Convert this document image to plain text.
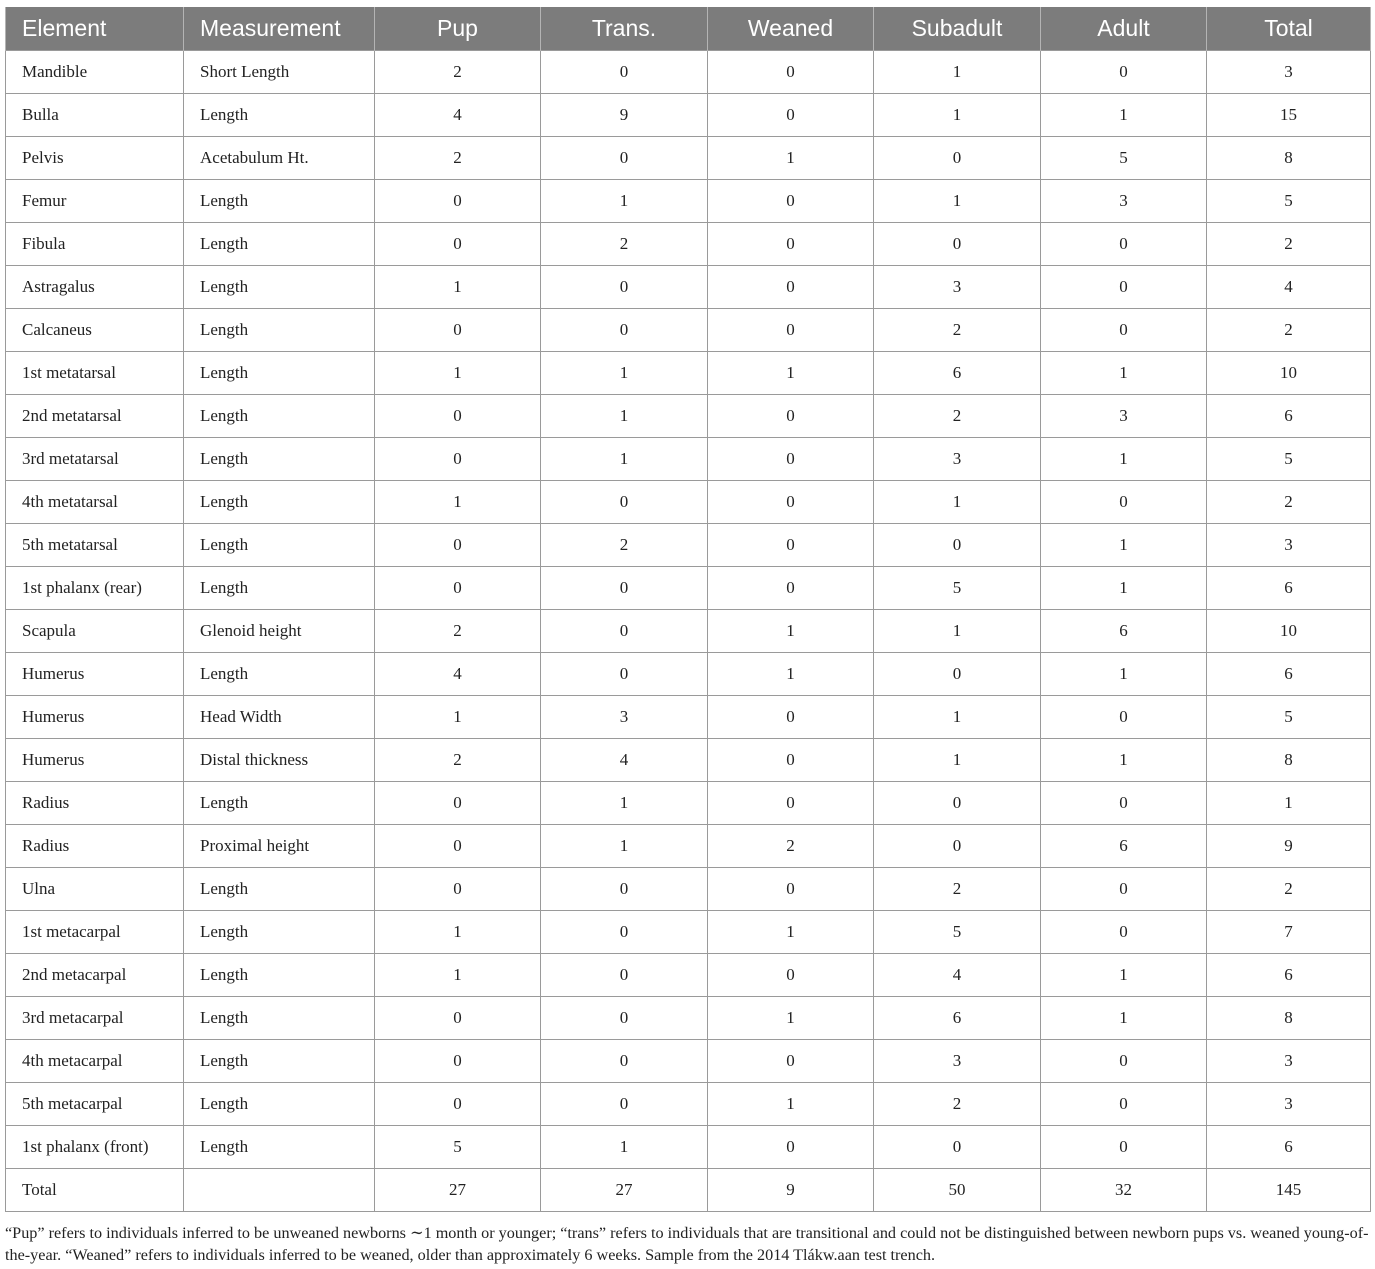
Element	Measurement	Pup	Trans.	Weaned	Subadult	Adult	Total
Mandible	Short Length	2	0	0	1	0	3
Bulla	Length	4	9	0	1	1	15
Pelvis	Acetabulum Ht.	2	0	1	0	5	8
Femur	Length	0	1	0	1	3	5
Fibula	Length	0	2	0	0	0	2
Astragalus	Length	1	0	0	3	0	4
Calcaneus	Length	0	0	0	2	0	2
1st metatarsal	Length	1	1	1	6	1	10
2nd metatarsal	Length	0	1	0	2	3	6
3rd metatarsal	Length	0	1	0	3	1	5
4th metatarsal	Length	1	0	0	1	0	2
5th metatarsal	Length	0	2	0	0	1	3
1st phalanx (rear)	Length	0	0	0	5	1	6
Scapula	Glenoid height	2	0	1	1	6	10
Humerus	Length	4	0	1	0	1	6
Humerus	Head Width	1	3	0	1	0	5
Humerus	Distal thickness	2	4	0	1	1	8
Radius	Length	0	1	0	0	0	1
Radius	Proximal height	0	1	2	0	6	9
Ulna	Length	0	0	0	2	0	2
1st metacarpal	Length	1	0	1	5	0	7
2nd metacarpal	Length	1	0	0	4	1	6
3rd metacarpal	Length	0	0	1	6	1	8
4th metacarpal	Length	0	0	0	3	0	3
5th metacarpal	Length	0	0	1	2	0	3
1st phalanx (front)	Length	5	1	0	0	0	6
Total		27	27	9	50	32	145

“Pup” refers to individuals inferred to be unweaned newborns ∼1 month or younger; “trans” refers to individuals that are transitional and could not be distinguished between newborn pups vs. weaned young-of-the-year. “Weaned” refers to individuals inferred to be weaned, older than approximately 6 weeks. Sample from the 2014 Tlákw.aan test trench.
